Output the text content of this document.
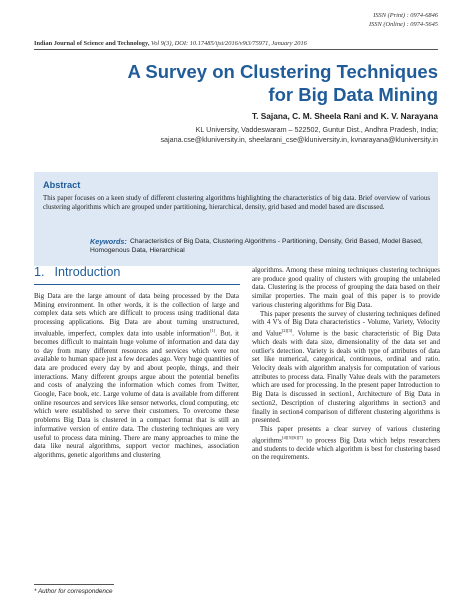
ISSN (Print) : 0974-6846
ISSN (Online) : 0974-5645
Indian Journal of Science and Technology, Vol 9(3), DOI: 10.17485/ijst/2016/v9i3/75971, January 2016
A Survey on Clustering Techniques for Big Data Mining
T. Sajana, C. M. Sheela Rani and K. V. Narayana
KL University, Vaddeswaram – 522502, Guntur Dist., Andhra Pradesh, India;
sajana.cse@kluniversity.in, sheelarani_cse@kluniversity.in, kvnarayana@kluniversity.in
Abstract

This paper focuses on a keen study of different clustering algorithms highlighting the characteristics of big data. Brief overview of various clustering algorithms which are grouped under partitioning, hierarchical, density, grid based and model based are discussed.

Keywords: Characteristics of Big Data, Clustering Algorithms - Partitioning, Density, Grid Based, Model Based, Homogenous Data, Hierarchical

1. Introduction

Big Data are the large amount of data being processed by the Data Mining environment. In other words, it is the collection of large and complex data sets which are difficult to process using traditional data processing applications. Big Data are about turning unstructured, invaluable, imperfect, complex data into usable information[1]. But, it becomes difficult to maintain huge volume of information and data day to day from many different resources and services which were not available to human space just a few decades ago. Very huge quantities of data are produced every day by and about people, things, and their interactions. Many different groups argue about the potential benefits and costs of analyzing the information which comes from Twitter, Google, Face book, etc. Large volume of data is available from different online resources and services like sensor networks, cloud computing, etc which were established to serve their customers. To overcome these problems Big Data is clustered in a compact format that is still an informative version of entire data. The clustering techniques are very useful to process data mining. There are many approaches to mine the data like neural algorithms, support vector machines, association algorithms, genetic algorithms and clustering

algorithms. Among these mining techniques clustering techniques are produce good quality of clusters with grouping the unlabeled data. Clustering is the process of grouping the data based on their similar properties. The main goal of this paper is to provide various clustering algorithms for Big Data.

This paper presents the survey of clustering techniques defined with 4 V's of Big Data characteristics - Volume, Variety, Velocity and Value[2][3]. Volume is the basic characteristic of Big Data which deals with data size, dimensionality of the data set and outlier's detection. Variety is deals with type of attributes of data set like numerical, categorical, continuous, ordinal and ratio. Velocity deals with algorithm analysis for computation of various attributes to process data. Finally Value deals with the parameters which are used for processing. In the present paper Introduction to Big Data is discussed in section1, Architecture of Big Data in section2, Description of clustering algorithms in section3 and finally in section4 comparison of different clustering algorithms is presented.

This paper presents a clear survey of various clustering algorithms[4][5][6][7] to process Big Data which helps researchers and students to decide which algorithm is best for clustering based on the requirements.

* Author for correspondence
